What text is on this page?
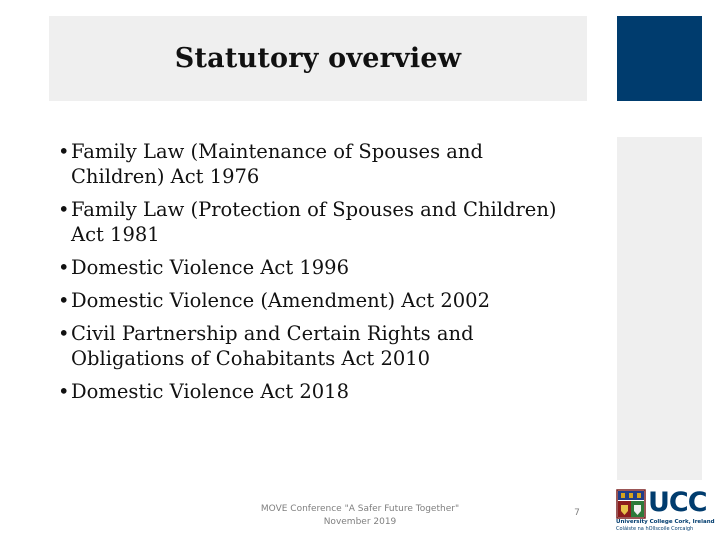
Statutory overview
• Family Law (Maintenance of Spouses and
Children) Act 1976
• Family Law (Protection of Spouses and Children)
Act 1981
• Domestic Violence Act 1996
• Domestic Violence (Amendment) Act 2002
• Civil Partnership and Certain Rights and
Obligations of Cohabitants Act 2010
• Domestic Violence Act 2018
MOVE Conference "A Safer Future Together"
November 2019
7	UCC
University College Cork, Ireland
Coláiste na hOllscoile Corcaigh
